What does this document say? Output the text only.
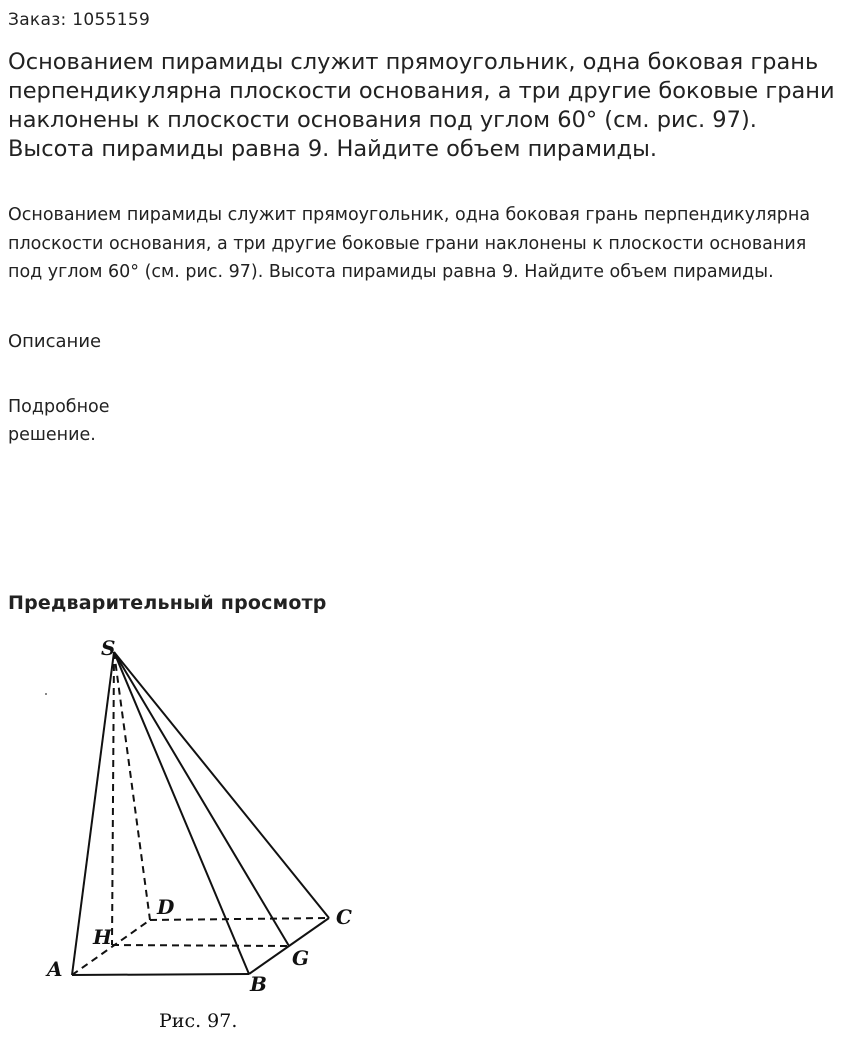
Заказ: 1055159
Основанием пирамиды служит прямоугольник, одна боковая грань перпендикулярна плоскости основания, а три другие боковые грани наклонены к плоскости основания под углом 60° (см. рис. 97). Высота пирамиды равна 9. Найдите объем пирамиды.

Основанием пирамиды служит прямоугольник, одна боковая грань перпендикулярна плоскости основания, а три другие боковые грани наклонены к плоскости основания под углом 60° (см. рис. 97). Высота пирамиды равна 9. Найдите объем пирамиды.

Описание
Подробное решение.
Предварительный просмотр
S
D	C
H
G
A
B
Рис. 97.
